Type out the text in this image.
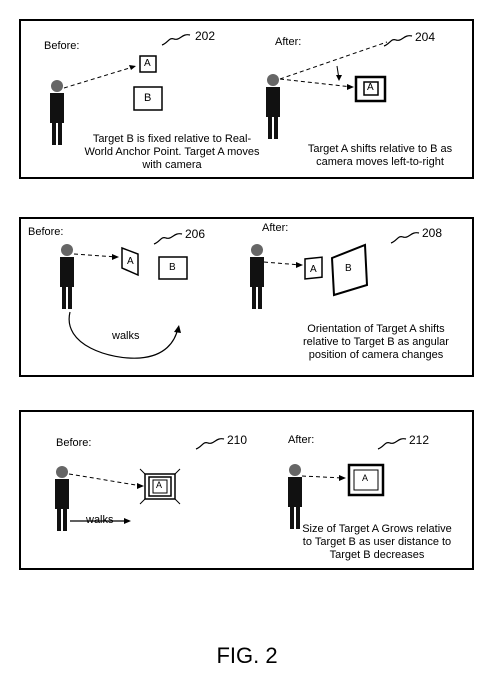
Before:	After:
202	204
A
B
A
Target B is fixed relative to Real-World Anchor Point. Target A moves with camera
Target A shifts relative to B as camera moves left-to-right
Before:	After:
206	208
A
B	A	B
walks
Orientation of Target A shifts relative to Target B as angular position of camera changes
Before:	After:
210	212
A
A
walks
Size of Target A Grows relative to Target B as user distance to Target B decreases
FIG. 2
